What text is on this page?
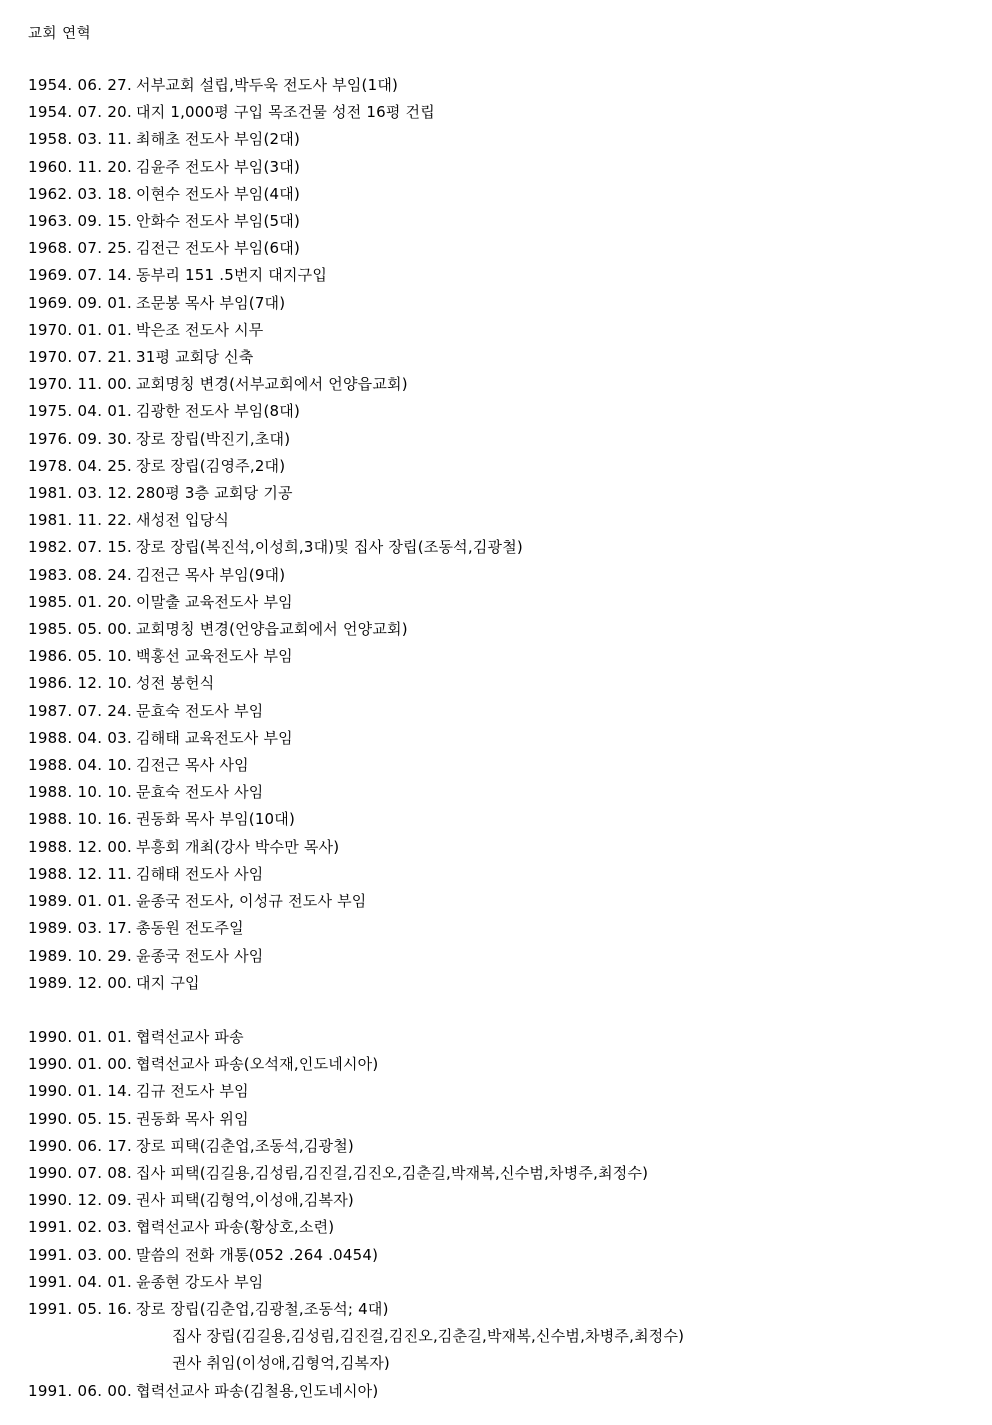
교회 연혁
1954. 06. 27. 서부교회 설립,박두욱 전도사 부임(1대)
1954. 07. 20. 대지 1,000평 구입 목조건물 성전 16평 건립
1958. 03. 11. 최해초 전도사 부임(2대)
1960. 11. 20. 김윤주 전도사 부임(3대)
1962. 03. 18. 이현수 전도사 부임(4대)
1963. 09. 15. 안화수 전도사 부임(5대)
1968. 07. 25. 김전근 전도사 부임(6대)
1969. 07. 14. 동부리 151 .5번지 대지구입
1969. 09. 01. 조문봉 목사 부임(7대)
1970. 01. 01. 박은조 전도사 시무
1970. 07. 21. 31평 교회당 신축
1970. 11. 00. 교회명칭 변경(서부교회에서 언양읍교회)
1975. 04. 01. 김광한 전도사 부임(8대)
1976. 09. 30. 장로 장립(박진기,초대)
1978. 04. 25. 장로 장립(김영주,2대)
1981. 03. 12. 280평 3층 교회당 기공
1981. 11. 22. 새성전 입당식
1982. 07. 15. 장로 장립(복진석,이성희,3대)및 집사 장립(조동석,김광철)
1983. 08. 24. 김전근 목사 부임(9대)
1985. 01. 20. 이말출 교육전도사 부임
1985. 05. 00. 교회명칭 변경(언양읍교회에서 언양교회)
1986. 05. 10. 백홍선 교육전도사 부임
1986. 12. 10. 성전 봉헌식
1987. 07. 24. 문효숙 전도사 부임
1988. 04. 03. 김해태 교육전도사 부임
1988. 04. 10. 김전근 목사 사임
1988. 10. 10. 문효숙 전도사 사임
1988. 10. 16. 권동화 목사 부임(10대)
1988. 12. 00. 부흥회 개최(강사 박수만 목사)
1988. 12. 11. 김해태 전도사 사임
1989. 01. 01. 윤종국 전도사, 이성규 전도사 부임
1989. 03. 17. 총동원 전도주일
1989. 10. 29. 윤종국 전도사 사임
1989. 12. 00. 대지 구입
1990. 01. 01. 협력선교사 파송
1990. 01. 00. 협력선교사 파송(오석재,인도네시아)
1990. 01. 14. 김규 전도사 부임
1990. 05. 15. 권동화 목사 위임
1990. 06. 17. 장로 피택(김춘업,조동석,김광철)
1990. 07. 08. 집사 피택(김길용,김성림,김진걸,김진오,김춘길,박재복,신수범,차병주,최정수)
1990. 12. 09. 권사 피택(김형억,이성애,김복자)
1991. 02. 03. 협력선교사 파송(황상호,소련)
1991. 03. 00. 말씀의 전화 개통(052 .264 .0454)
1991. 04. 01. 윤종현 강도사 부임
1991. 05. 16. 장로 장립(김춘업,김광철,조동석; 4대)
집사 장립(김길용,김성림,김진걸,김진오,김춘길,박재복,신수범,차병주,최정수)
권사 취임(이성애,김형억,김복자)
1991. 06. 00. 협력선교사 파송(김철용,인도네시아)
